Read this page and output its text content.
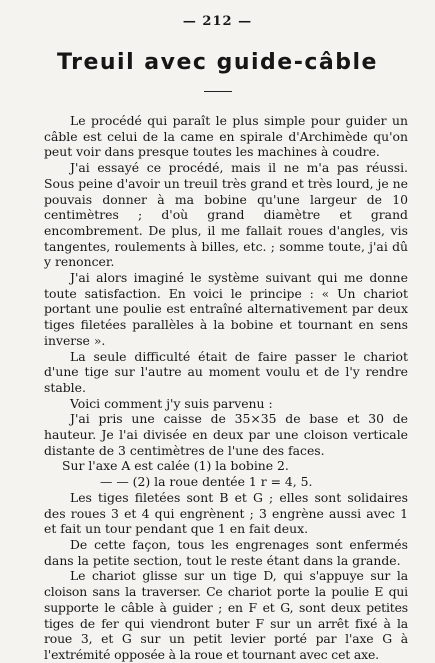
— 212 —
Treuil avec guide-câble

Le procédé qui paraît le plus simple pour guider un câble est celui de la came en spirale d'Archimède qu'on peut voir dans presque toutes les machines à coudre.

J'ai essayé ce procédé, mais il ne m'a pas réussi. Sous peine d'avoir un treuil très grand et très lourd, je ne pouvais donner à ma bobine qu'une largeur de 10 centimètres ; d'où grand diamètre et grand encombrement. De plus, il me fallait roues d'angles, vis tangentes, roulements à billes, etc. ; somme toute, j'ai dû y renoncer.

J'ai alors imaginé le système suivant qui me donne toute satisfaction. En voici le principe : « Un chariot portant une poulie est entraîné alternativement par deux tiges filetées parallèles à la bobine et tournant en sens inverse ».

La seule difficulté était de faire passer le chariot d'une tige sur l'autre au moment voulu et de l'y rendre stable.

Voici comment j'y suis parvenu :

J'ai pris une caisse de 35×35 de base et 30 de hauteur. Je l'ai divisée en deux par une cloison verticale distante de 3 centimètres de l'une des faces.

Sur l'axe A est calée (1) la bobine 2.

— — (2) la roue dentée 1 r = 4, 5.

Les tiges filetées sont B et G ; elles sont solidaires des roues 3 et 4 qui engrènent ; 3 engrène aussi avec 1 et fait un tour pendant que 1 en fait deux.

De cette façon, tous les engrenages sont enfermés dans la petite section, tout le reste étant dans la grande.

Le chariot glisse sur un tige D, qui s'appuye sur la cloison sans la traverser. Ce chariot porte la poulie E qui supporte le câble à guider ; en F et G, sont deux petites tiges de fer qui viendront buter F sur un arrêt fixé à la roue 3, et G sur un petit levier porté par l'axe G à l'extrémité opposée à la roue et tournant avec cet axe.
